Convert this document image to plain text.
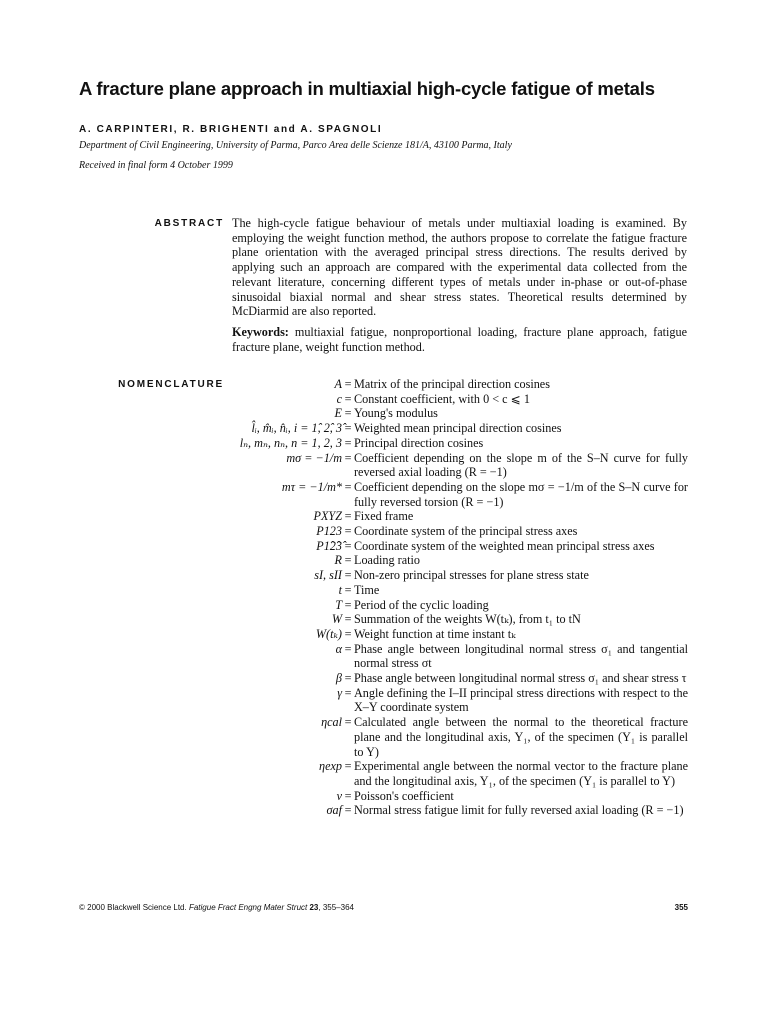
A fracture plane approach in multiaxial high-cycle fatigue of metals
A. CARPINTERI, R. BRIGHENTI and A. SPAGNOLI
Department of Civil Engineering, University of Parma, Parco Area delle Scienze 181/A, 43100 Parma, Italy
Received in final form 4 October 1999
ABSTRACT The high-cycle fatigue behaviour of metals under multiaxial loading is examined. By employing the weight function method, the authors propose to correlate the fatigue fracture plane orientation with the averaged principal stress directions. The results derived by applying such an approach are compared with the experimental data collected from the relevant literature, concerning different types of metals under in-phase or out-of-phase sinusoidal biaxial normal and shear stress states. Theoretical results determined by McDiarmid are also reported.
Keywords: multiaxial fatigue, nonproportional loading, fracture plane approach, fatigue fracture plane, weight function method.
NOMENCLATURE	A = Matrix of the principal direction cosines
c = Constant coefficient, with 0 < c ⩽ 1
E = Young's modulus
l̂ᵢ, m̂ᵢ, n̂ᵢ, i = 1̂, 2̂, 3̂ = Weighted mean principal direction cosines
lₙ, mₙ, nₙ, n = 1, 2, 3 = Principal direction cosines
mσ = −1/m = Coefficient depending on the slope m of the S–N curve for fully reversed axial loading (R = −1)
mτ = −1/m* = Coefficient depending on the slope mσ = −1/m of the S–N curve for fully reversed torsion (R = −1)
PXYZ = Fixed frame
P123 = Coordinate system of the principal stress axes
P1̂2̂3̂ = Coordinate system of the weighted mean principal stress axes
R = Loading ratio
sI, sII = Non-zero principal stresses for plane stress state
t = Time
T = Period of the cyclic loading
W = Summation of the weights W(tₖ), from t₁ to tN
W(tₖ) = Weight function at time instant tₖ
α = Phase angle between longitudinal normal stress σ₁ and tangential normal stress σt
β = Phase angle between longitudinal normal stress σ₁ and shear stress τ
γ = Angle defining the I–II principal stress directions with respect to the X–Y coordinate system
ηcal = Calculated angle between the normal to the theoretical fracture plane and the longitudinal axis, Y₁, of the specimen (Y₁ is parallel to Y)
ηexp = Experimental angle between the normal vector to the fracture plane and the longitudinal axis, Y₁, of the specimen (Y₁ is parallel to Y)
ν = Poisson's coefficient
σaf = Normal stress fatigue limit for fully reversed axial loading (R = −1)
© 2000 Blackwell Science Ltd. Fatigue Fract Engng Mater Struct 23, 355–364	355
